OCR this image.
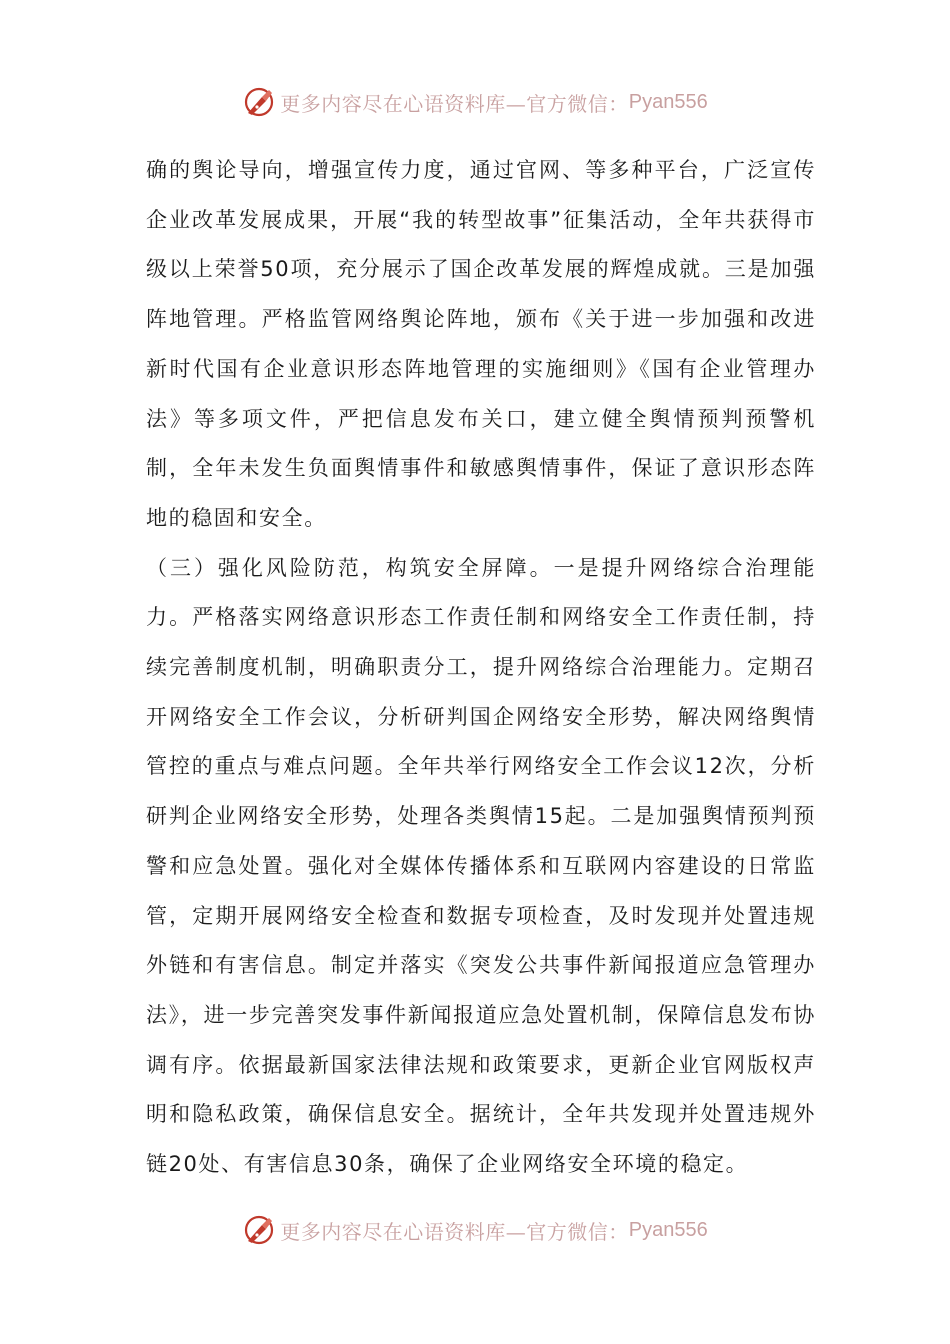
更多内容尽在心语资料库—官方微信： Pyan556

确的舆论导向，增强宣传力度，通过官网、等多种平台，广泛宣传企业改革发展成果，开展“我的转型故事”征集活动，全年共获得市级以上荣誉50项，充分展示了国企改革发展的辉煌成就。三是加强阵地管理。严格监管网络舆论阵地，颁布《关于进一步加强和改进新时代国有企业意识形态阵地管理的实施细则》《国有企业管理办法》等多项文件，严把信息发布关口，建立健全舆情预判预警机制，全年未发生负面舆情事件和敏感舆情事件，保证了意识形态阵地的稳固和安全。

（三）强化风险防范，构筑安全屏障。一是提升网络综合治理能力。严格落实网络意识形态工作责任制和网络安全工作责任制，持续完善制度机制，明确职责分工，提升网络综合治理能力。定期召开网络安全工作会议，分析研判国企网络安全形势，解决网络舆情管控的重点与难点问题。全年共举行网络安全工作会议12次，分析研判企业网络安全形势，处理各类舆情15起。二是加强舆情预判预警和应急处置。强化对全媒体传播体系和互联网内容建设的日常监管，定期开展网络安全检查和数据专项检查，及时发现并处置违规外链和有害信息。制定并落实《突发公共事件新闻报道应急管理办法》，进一步完善突发事件新闻报道应急处置机制，保障信息发布协调有序。依据最新国家法律法规和政策要求，更新企业官网版权声明和隐私政策，确保信息安全。据统计，全年共发现并处置违规外链20处、有害信息30条，确保了企业网络安全环境的稳定。

更多内容尽在心语资料库—官方微信： Pyan556
